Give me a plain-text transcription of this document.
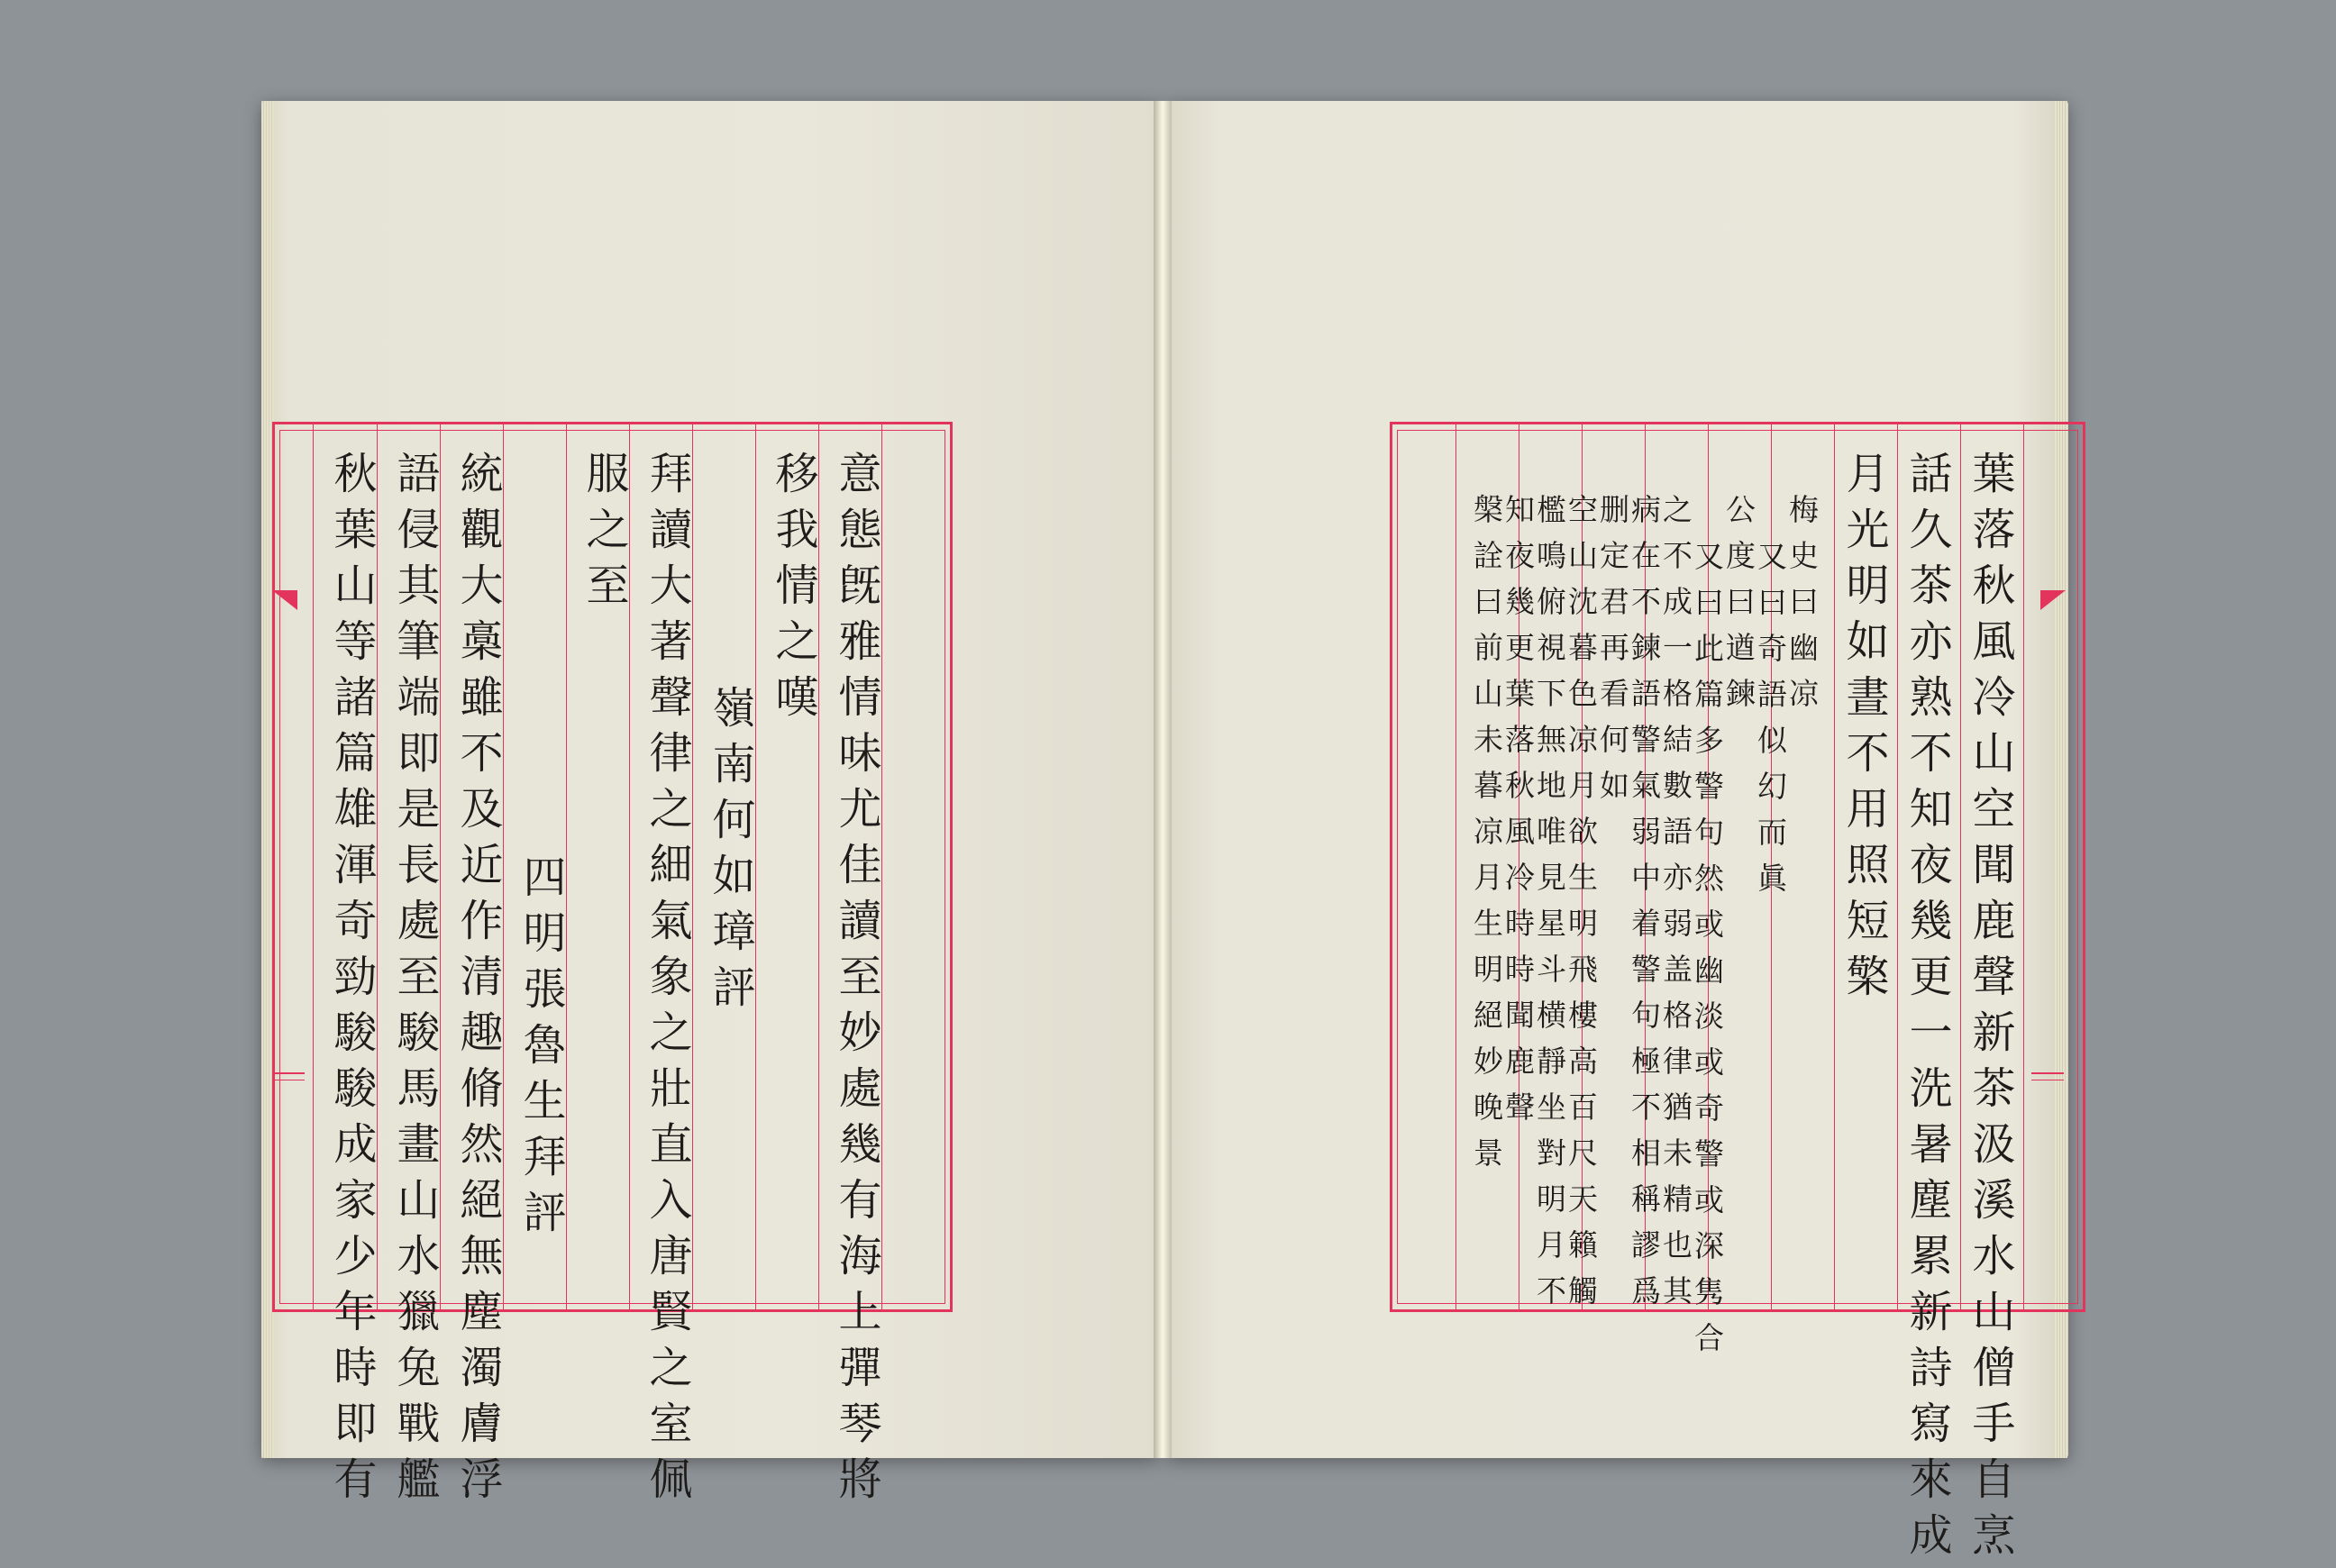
意態旣雅情味尤佳讀至妙處幾有海上彈琴將
移我情之嘆
嶺南何如璋評
拜讀大著聲律之細氣象之壯直入唐賢之室佩
服之至
四明張魯生拜評
統觀大槀雖不及近作清趣脩然絕無塵濁膚浮
語侵其筆端即是長處至駿馬畫山水獵兔戰艦
秋葉山等諸篇雄渾奇勁駿駿成家少年時即有	葉落秋風冷山空聞鹿聲新茶汲溪水山僧手自烹
話久茶亦熟不知夜幾更一洗暑塵累新詩寫來成
月光明如晝不用照短檠
梅史曰幽凉
又曰奇語似幻而眞
公度曰遒鍊
又曰此篇多警句然或幽淡或奇警或深隽合
之不成一格結數語亦弱盖格律猶未精也其
病在不鍊語警氣弱中着警句極不相稱謬爲
删定君再看何如
空山沈暮色凉月欲生明飛樓高百尺天籟觸
檻鳴俯視下無地唯見星斗横靜坐對明月不
知夜幾更葉落秋風冷時時聞鹿聲
槃詮曰前山未暮凉月生明絕妙晚景
